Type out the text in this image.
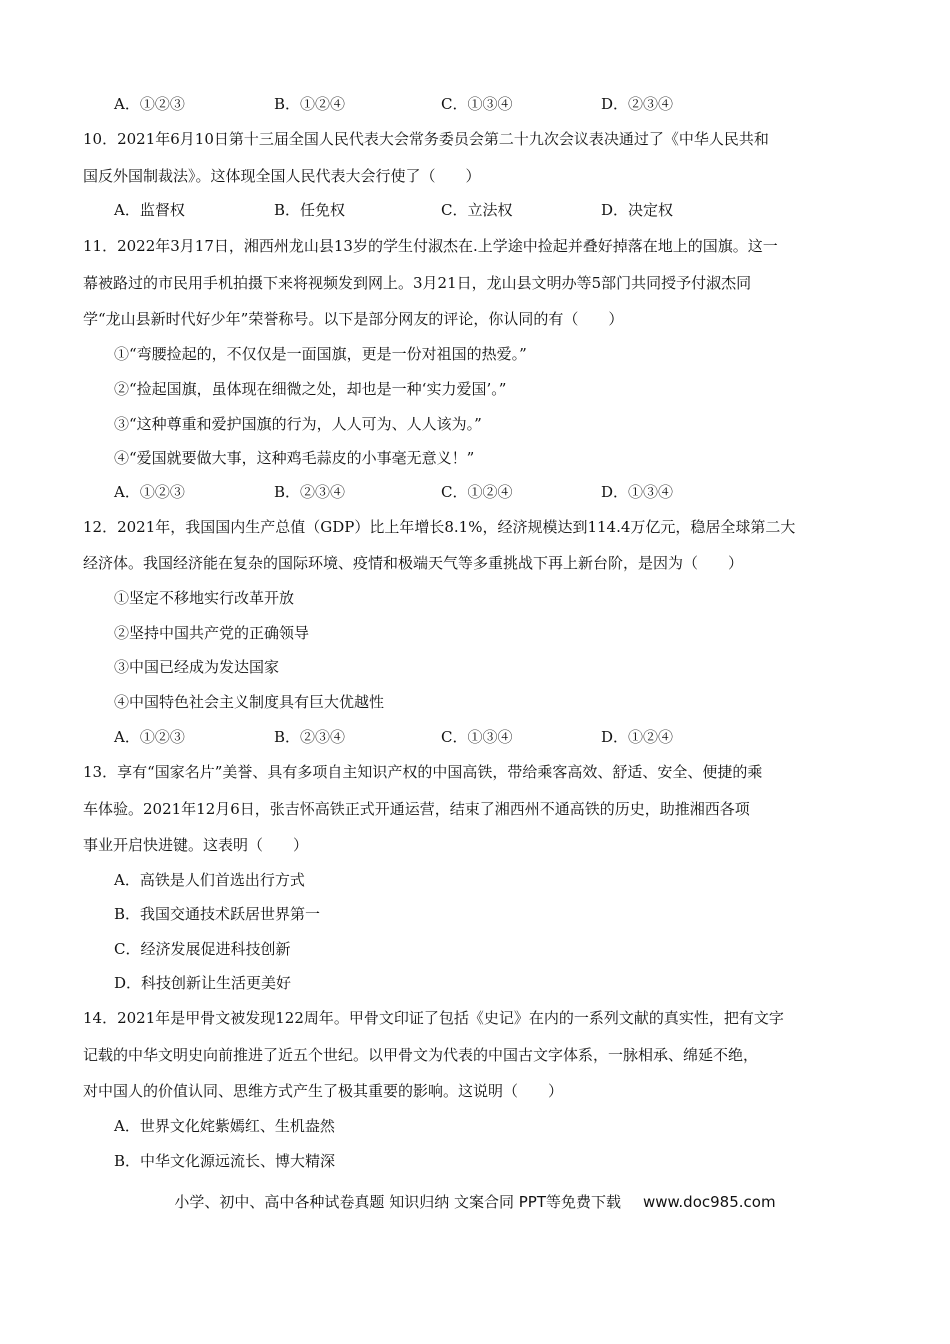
A．①②③	B．①②④	C．①③④	D．②③④
10．2021年6月10日第十三届全国人民代表大会常务委员会第二十九次会议表决通过了《中华人民共和
国反外国制裁法》。这体现全国人民代表大会行使了（　　）
A．监督权	B．任免权	C．立法权	D．决定权
11．2022年3月17日，湘西州龙山县13岁的学生付淑杰在.上学途中捡起并叠好掉落在地上的国旗。这一
幕被路过的市民用手机拍摄下来将视频发到网上。3月21日，龙山县文明办等5部门共同授予付淑杰同
学“龙山县新时代好少年”荣誉称号。以下是部分网友的评论，你认同的有（　　）
①“弯腰捡起的，不仅仅是一面国旗，更是一份对祖国的热爱。”
②“捡起国旗，虽体现在细微之处，却也是一种‘实力爱国’。”
③“这种尊重和爱护国旗的行为，人人可为、人人该为。”
④“爱国就要做大事，这种鸡毛蒜皮的小事毫无意义！”
A．①②③	B．②③④	C．①②④	D．①③④
12．2021年，我国国内生产总值（GDP）比上年增长8.1%，经济规模达到114.4万亿元，稳居全球第二大
经济体。我国经济能在复杂的国际环境、疫情和极端天气等多重挑战下再上新台阶，是因为（　　）
①坚定不移地实行改革开放
②坚持中国共产党的正确领导
③中国已经成为发达国家
④中国特色社会主义制度具有巨大优越性
A．①②③	B．②③④	C．①③④	D．①②④
13．享有“国家名片”美誉、具有多项自主知识产权的中国高铁，带给乘客高效、舒适、安全、便捷的乘
车体验。2021年12月6日，张吉怀高铁正式开通运营，结束了湘西州不通高铁的历史，助推湘西各项
事业开启快进键。这表明（　　）
A．高铁是人们首选出行方式
B．我国交通技术跃居世界第一
C．经济发展促进科技创新
D．科技创新让生活更美好
14．2021年是甲骨文被发现122周年。甲骨文印证了包括《史记》在内的一系列文献的真实性，把有文字
记载的中华文明史向前推进了近五个世纪。以甲骨文为代表的中国古文字体系，一脉相承、绵延不绝，
对中国人的价值认同、思维方式产生了极其重要的影响。这说明（　　）
A．世界文化姹紫嫣红、生机盎然
B．中华文化源远流长、博大精深
小学、初中、高中各种试卷真题 知识归纳 文案合同 PPT等免费下载 www.doc985.com
